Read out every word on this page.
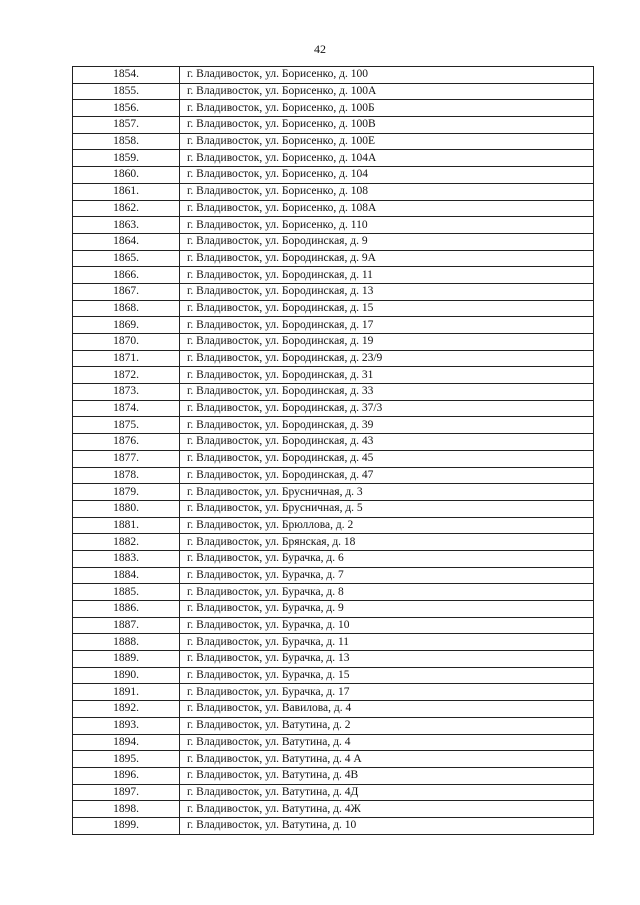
42
1854.	г. Владивосток, ул. Борисенко, д. 100
1855.	г. Владивосток, ул. Борисенко, д. 100А
1856.	г. Владивосток, ул. Борисенко, д. 100Б
1857.	г. Владивосток, ул. Борисенко, д. 100В
1858.	г. Владивосток, ул. Борисенко, д. 100Е
1859.	г. Владивосток, ул. Борисенко, д. 104А
1860.	г. Владивосток, ул. Борисенко, д. 104
1861.	г. Владивосток, ул. Борисенко, д. 108
1862.	г. Владивосток, ул. Борисенко, д. 108А
1863.	г. Владивосток, ул. Борисенко, д. 110
1864.	г. Владивосток, ул. Бородинская, д. 9
1865.	г. Владивосток, ул. Бородинская, д. 9А
1866.	г. Владивосток, ул. Бородинская, д. 11
1867.	г. Владивосток, ул. Бородинская, д. 13
1868.	г. Владивосток, ул. Бородинская, д. 15
1869.	г. Владивосток, ул. Бородинская, д. 17
1870.	г. Владивосток, ул. Бородинская, д. 19
1871.	г. Владивосток, ул. Бородинская, д. 23/9
1872.	г. Владивосток, ул. Бородинская, д. 31
1873.	г. Владивосток, ул. Бородинская, д. 33
1874.	г. Владивосток, ул. Бородинская, д. 37/3
1875.	г. Владивосток, ул. Бородинская, д. 39
1876.	г. Владивосток, ул. Бородинская, д. 43
1877.	г. Владивосток, ул. Бородинская, д. 45
1878.	г. Владивосток, ул. Бородинская, д. 47
1879.	г. Владивосток, ул. Брусничная, д. 3
1880.	г. Владивосток, ул. Брусничная, д. 5
1881.	г. Владивосток, ул. Брюллова, д. 2
1882.	г. Владивосток, ул. Брянская, д. 18
1883.	г. Владивосток, ул. Бурачка, д. 6
1884.	г. Владивосток, ул. Бурачка, д. 7
1885.	г. Владивосток, ул. Бурачка, д. 8
1886.	г. Владивосток, ул. Бурачка, д. 9
1887.	г. Владивосток, ул. Бурачка, д. 10
1888.	г. Владивосток, ул. Бурачка, д. 11
1889.	г. Владивосток, ул. Бурачка, д. 13
1890.	г. Владивосток, ул. Бурачка, д. 15
1891.	г. Владивосток, ул. Бурачка, д. 17
1892.	г. Владивосток, ул. Вавилова, д. 4
1893.	г. Владивосток, ул. Ватутина, д. 2
1894.	г. Владивосток, ул. Ватутина, д. 4
1895.	г. Владивосток, ул. Ватутина, д. 4 А
1896.	г. Владивосток, ул. Ватутина, д. 4В
1897.	г. Владивосток, ул. Ватутина, д. 4Д
1898.	г. Владивосток, ул. Ватутина, д. 4Ж
1899.	г. Владивосток, ул. Ватутина, д. 10
